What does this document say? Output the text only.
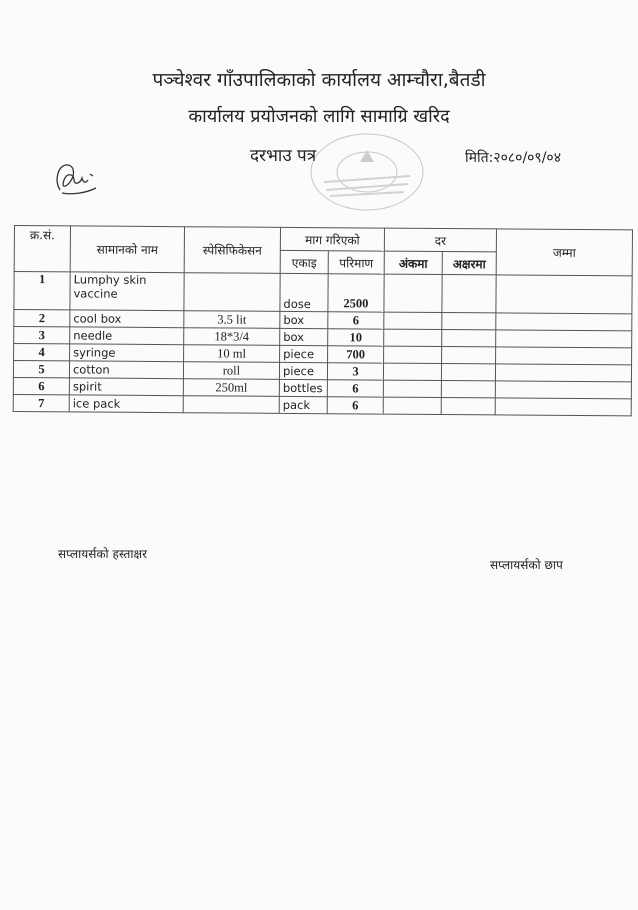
पञ्चेश्वर गाँउपालिकाको कार्यालय आम्चौरा,बैतडी
कार्यालय प्रयोजनको लागि सामाग्रि खरिद
दरभाउ पत्र	मिति:२०८०/०९/०४
क्र.सं.	सामानको नाम	स्पेसिफिकेसन	माग गरिएको		दर		जम्मा
			एकाइ	परिमाण	अंकमा	अक्षरमा	
1	Lumphy skin vaccine		dose	2500			
2	cool box	3.5 lit	box	6			
3	needle	18*3/4	box	10			
4	syringe	10 ml	piece	700			
5	cotton	roll	piece	3			
6	spirit	250ml	bottles	6			
7	ice pack		pack	6			
सप्लायर्सको हस्ताक्षर
सप्लायर्सको छाप
